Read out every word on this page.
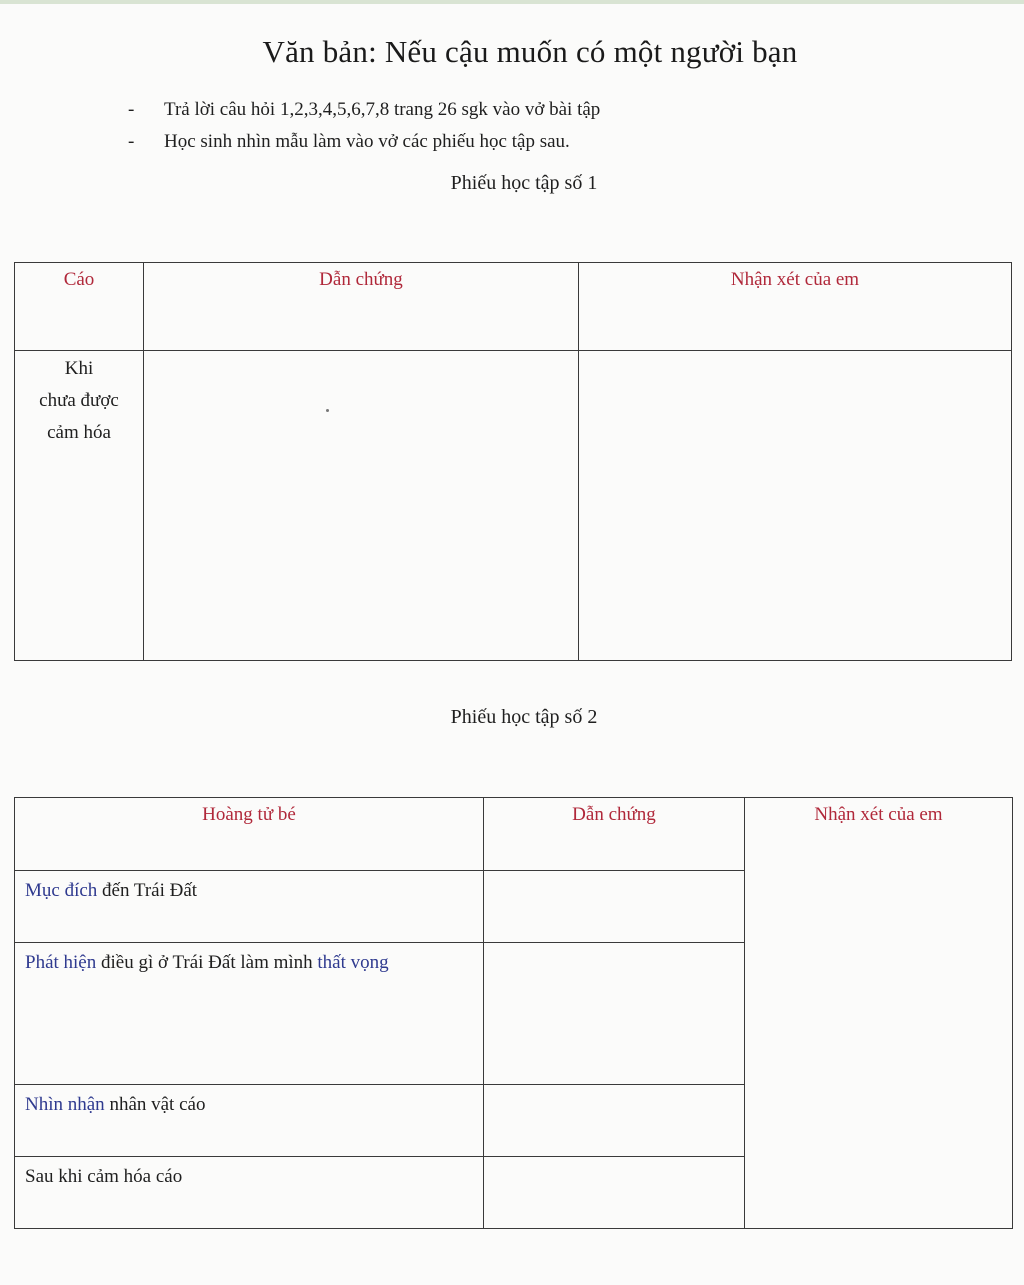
Văn bản: Nếu cậu muốn có một người bạn
- Trả lời câu hỏi 1,2,3,4,5,6,7,8 trang 26 sgk vào vở bài tập
- Học sinh nhìn mẫu làm vào vở các phiếu học tập sau.
Phiếu học tập số 1
Cáo	Dẫn chứng	Nhận xét của em

Khi
chưa được
cảm hóa		

Phiếu học tập số 2
Hoàng tử bé	Dẫn chứng	Nhận xét của em
Mục đích đến Trái Đất		
Phát hiện điều gì ở Trái Đất làm mình thất vọng		
Nhìn nhận nhân vật cáo		
Sau khi cảm hóa cáo		
